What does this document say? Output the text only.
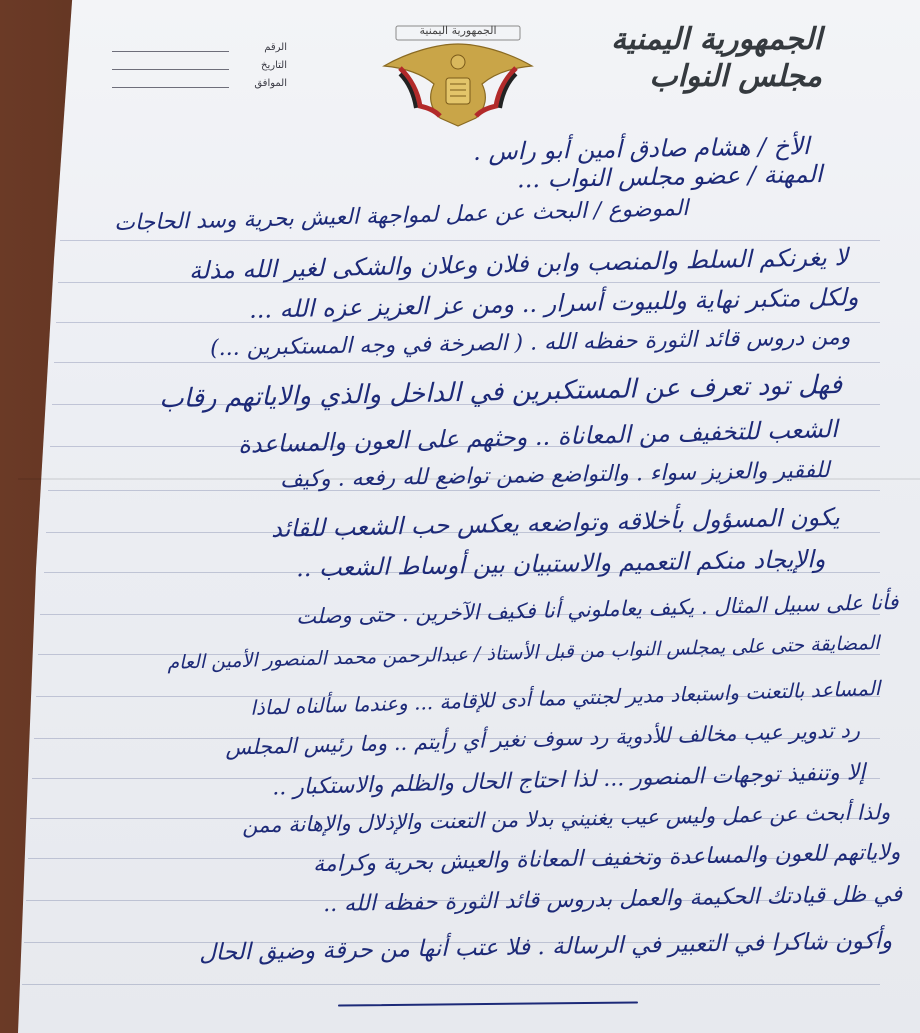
الرقم
التاريخ
الموافق
الجمهورية اليمنية	الجمهورية اليمنية
مجلس النواب
الأخ / هشام صادق أمين أبو راس .
المهنة / عضو مجلس النواب ...
الموضوع / البحث عن عمل لمواجهة العيش بحرية وسد الحاجات
لا يغرنكم السلط والمنصب وابن فلان وعلان والشكى لغير الله مذلة
ولكل متكبر نهاية وللبيوت أسرار .. ومن عز العزيز عزه الله ...
ومن دروس قائد الثورة حفظه الله . ( الصرخة في وجه المستكبرين ...)
فهل تود تعرف عن المستكبرين في الداخل والذي والاياتهم رقاب
الشعب للتخفيف من المعاناة .. وحثهم على العون والمساعدة
للفقير والعزيز سواء . والتواضع ضمن تواضع لله رفعه . وكيف
يكون المسؤول بأخلاقه وتواضعه يعكس حب الشعب للقائد
والإيجاد منكم التعميم والاستبيان بين أوساط الشعب ..
فأنا على سبيل المثال . يكيف يعاملوني أنا فكيف الآخرين . حتى وصلت
المضايقة حتى على يمجلس النواب من قبل الأستاذ / عبدالرحمن محمد المنصور الأمين العام
المساعد بالتعنت واستبعاد مدير لجنتي مما أدى للإقامة ... وعندما سألناه لماذا
رد تدوير عيب مخالف للأدوية رد سوف نغير أي رأيتم .. وما رئيس المجلس
إلا وتنفيذ توجهات المنصور ... لذا احتاج الحال والظلم والاستكبار ..
ولذا أبحث عن عمل وليس عيب يغنيني بدلا من التعنت والإذلال والإهانة ممن
ولاياتهم للعون والمساعدة وتخفيف المعاناة والعيش بحرية وكرامة
في ظل قيادتك الحكيمة والعمل بدروس قائد الثورة حفظه الله ..
وأكون شاكرا في التعبير في الرسالة . فلا عتب أنها من حرقة وضيق الحال
